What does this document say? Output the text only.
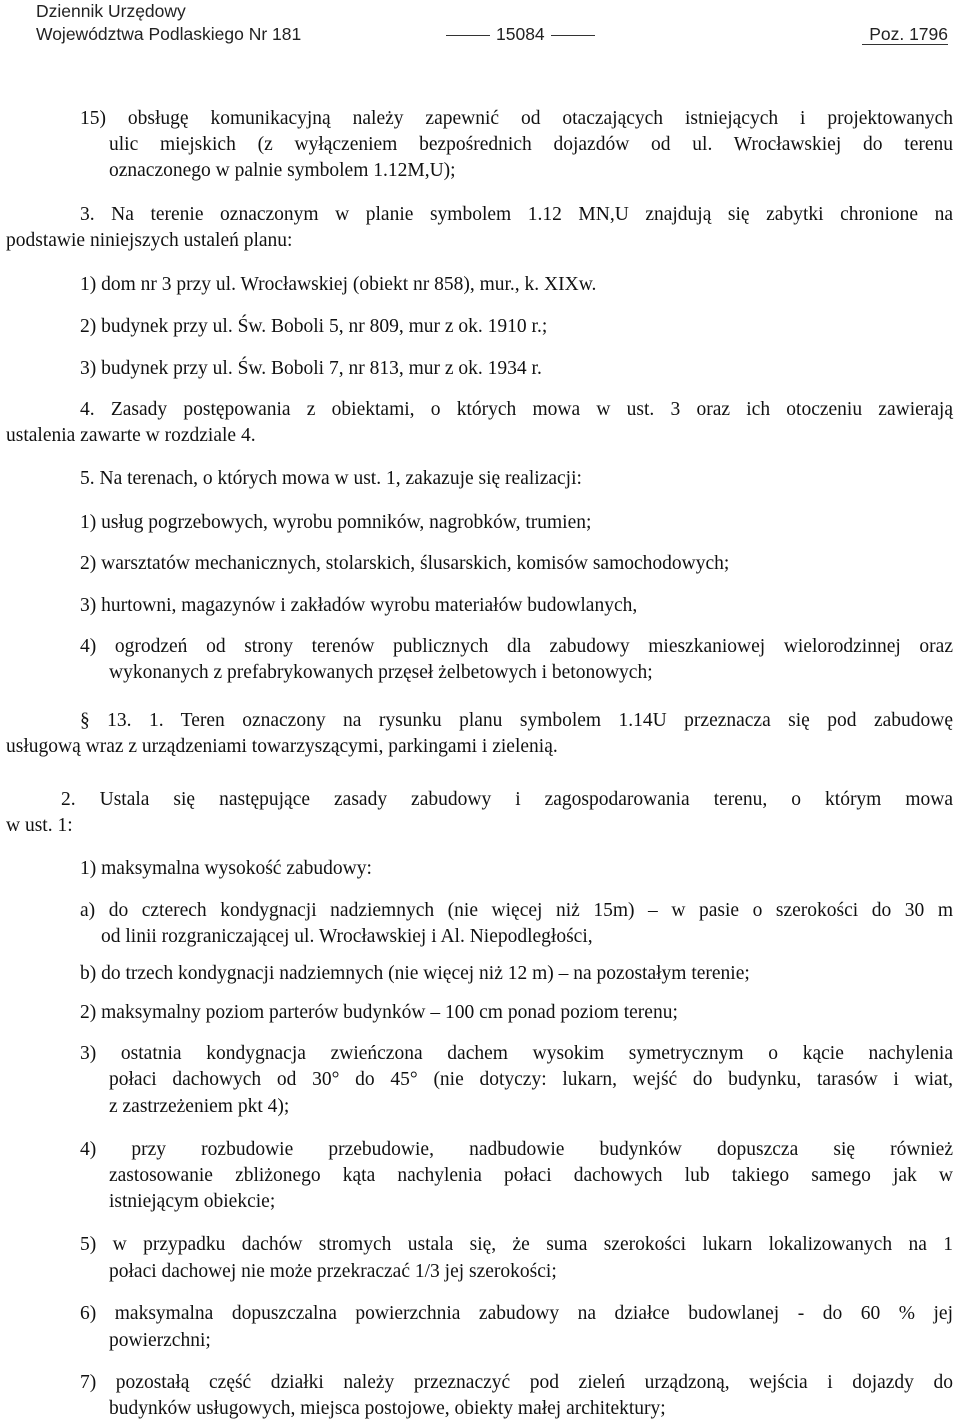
Dziennik Urzędowy
Województwa Podlaskiego Nr 181	15084	Poz. 1796
15) obsługę komunikacyjną należy zapewnić od otaczających istniejących i projektowanych
ulic miejskich (z wyłączeniem bezpośrednich dojazdów od ul. Wrocławskiej do terenu
oznaczonego w palnie symbolem 1.12M,U);
3. Na terenie oznaczonym w planie symbolem 1.12 MN,U znajdują się zabytki chronione na
podstawie niniejszych ustaleń planu:
1) dom nr 3 przy ul. Wrocławskiej (obiekt nr 858), mur., k. XIXw.
2) budynek przy ul. Św. Boboli 5, nr 809, mur z ok. 1910 r.;
3) budynek przy ul. Św. Boboli 7, nr 813, mur z ok. 1934 r.
4. Zasady postępowania z obiektami, o których mowa w ust. 3 oraz ich otoczeniu zawierają
ustalenia zawarte w rozdziale 4.
5. Na terenach, o których mowa w ust. 1, zakazuje się realizacji:
1) usług pogrzebowych, wyrobu pomników, nagrobków, trumien;
2) warsztatów mechanicznych, stolarskich, ślusarskich, komisów samochodowych;
3) hurtowni, magazynów i zakładów wyrobu materiałów budowlanych,
4) ogrodzeń od strony terenów publicznych dla zabudowy mieszkaniowej wielorodzinnej oraz
wykonanych z prefabrykowanych przęseł żelbetowych i betonowych;
§ 13. 1. Teren oznaczony na rysunku planu symbolem 1.14U przeznacza się pod zabudowę
usługową wraz z urządzeniami towarzyszącymi, parkingami i zielenią.
2. Ustala się następujące zasady zabudowy i zagospodarowania terenu, o którym mowa
w ust. 1:
1) maksymalna wysokość zabudowy:
a) do czterech kondygnacji nadziemnych (nie więcej niż 15m) – w pasie o szerokości do 30 m
od linii rozgraniczającej ul. Wrocławskiej i Al. Niepodległości,
b) do trzech kondygnacji nadziemnych (nie więcej niż 12 m) – na pozostałym terenie;
2) maksymalny poziom parterów budynków – 100 cm ponad poziom terenu;
3) ostatnia kondygnacja zwieńczona dachem wysokim symetrycznym o kącie nachylenia
połaci dachowych od 30° do 45° (nie dotyczy: lukarn, wejść do budynku, tarasów i wiat,
z zastrzeżeniem pkt 4);
4) przy rozbudowie przebudowie, nadbudowie budynków dopuszcza się również
zastosowanie zbliżonego kąta nachylenia połaci dachowych lub takiego samego jak w
istniejącym obiekcie;
5) w przypadku dachów stromych ustala się, że suma szerokości lukarn lokalizowanych na 1
połaci dachowej nie może przekraczać 1/3 jej szerokości;
6) maksymalna dopuszczalna powierzchnia zabudowy na działce budowlanej - do 60 % jej
powierzchni;
7) pozostałą część działki należy przeznaczyć pod zieleń urządzoną, wejścia i dojazdy do
budynków usługowych, miejsca postojowe, obiekty małej architektury;
